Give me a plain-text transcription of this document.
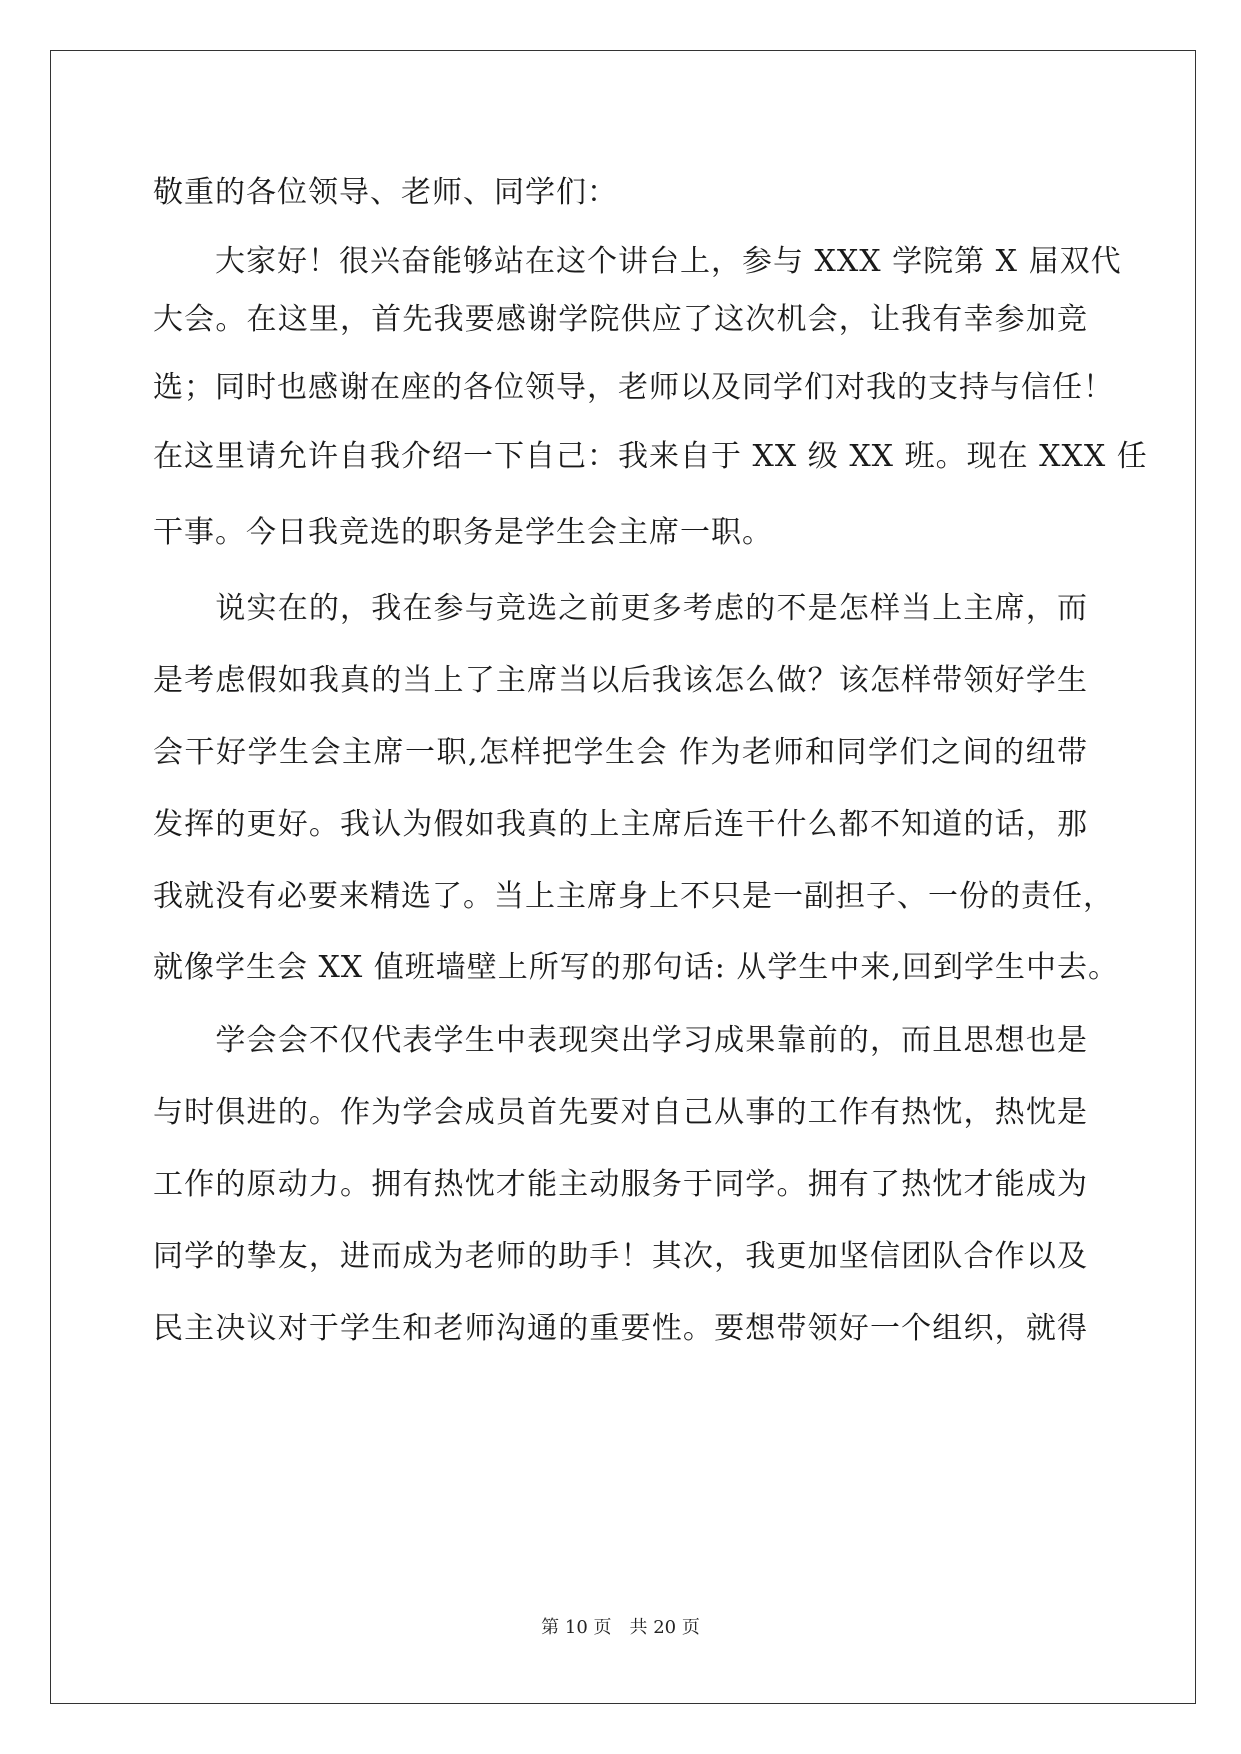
敬重的各位领导、老师、同学们：
　　大家好！很兴奋能够站在这个讲台上，参与 XXX 学院第 X 届双代
大会。在这里，首先我要感谢学院供应了这次机会，让我有幸参加竞
选；同时也感谢在座的各位领导，老师以及同学们对我的支持与信任！
在这里请允许自我介绍一下自己：我来自于 XX 级 XX 班。现在 XXX 任
干事。今日我竞选的职务是学生会主席一职。
　　说实在的，我在参与竞选之前更多考虑的不是怎样当上主席，而
是考虑假如我真的当上了主席当以后我该怎么做？该怎样带领好学生
会干好学生会主席一职,怎样把学生会 作为老师和同学们之间的纽带
发挥的更好。我认为假如我真的上主席后连干什么都不知道的话，那
我就没有必要来精选了。当上主席身上不只是一副担子、一份的责任，
就像学生会 XX 值班墙壁上所写的那句话: 从学生中来,回到学生中去。
　　学会会不仅代表学生中表现突出学习成果靠前的，而且思想也是
与时俱进的。作为学会成员首先要对自己从事的工作有热忱，热忱是
工作的原动力。拥有热忱才能主动服务于同学。拥有了热忱才能成为
同学的挚友，进而成为老师的助手！其次，我更加坚信团队合作以及
民主决议对于学生和老师沟通的重要性。要想带领好一个组织，就得
第 10 页　共 20 页
